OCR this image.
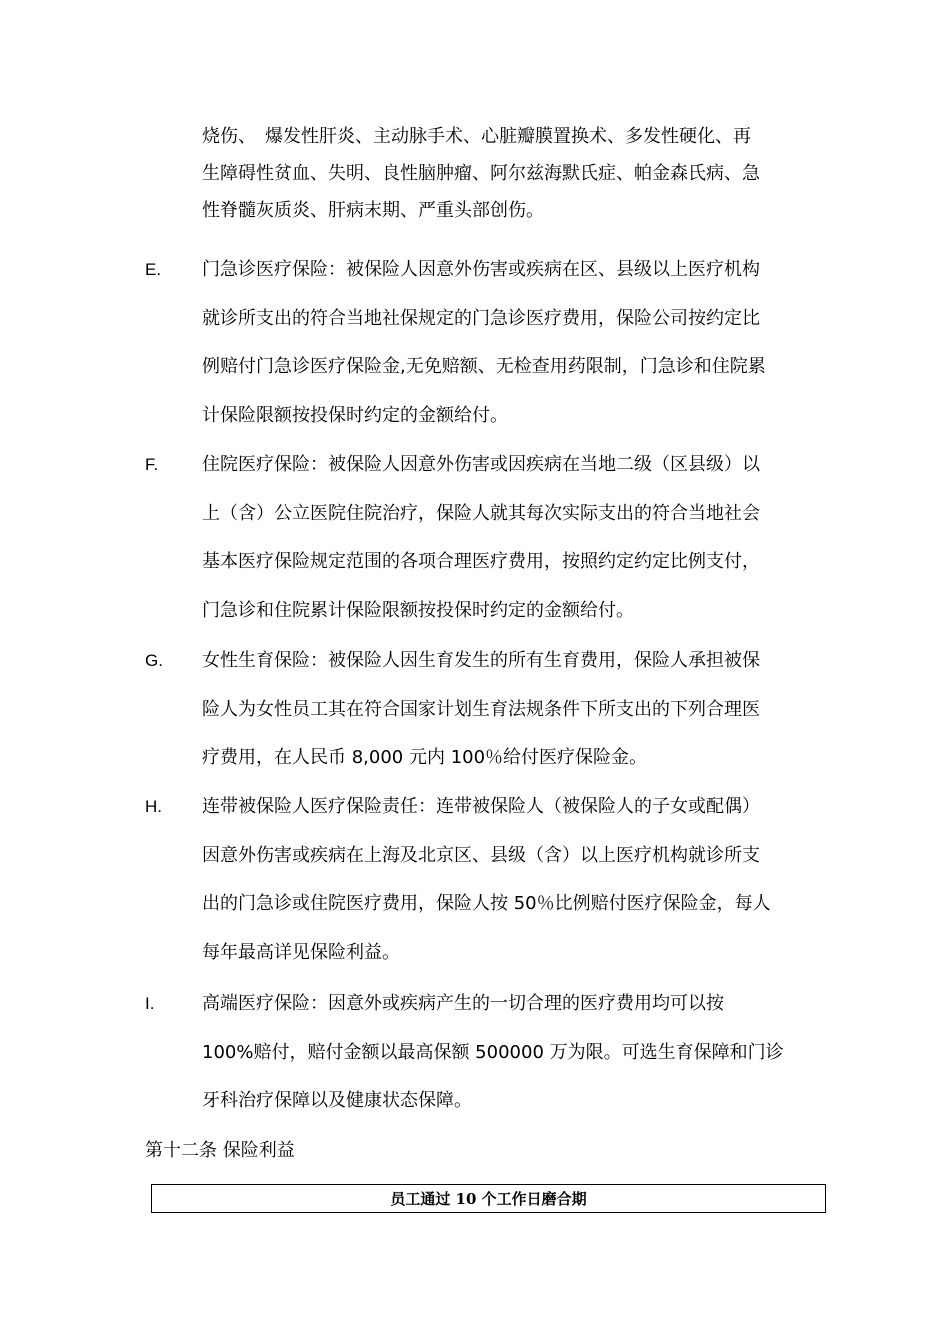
烧伤、　爆发性肝炎、主动脉手术、心脏瓣膜置换术、多发性硬化、再
生障碍性贫血、失明、良性脑肿瘤、阿尔兹海默氏症、帕金森氏病、急
性脊髓灰质炎、肝病末期、严重头部创伤。
E. 门急诊医疗保险：被保险人因意外伤害或疾病在区、县级以上医疗机构
就诊所支出的符合当地社保规定的门急诊医疗费用，保险公司按约定比
例赔付门急诊医疗保险金,无免赔额、无检查用药限制，门急诊和住院累
计保险限额按投保时约定的金额给付。
F. 住院医疗保险：被保险人因意外伤害或因疾病在当地二级（区县级）以
上（含）公立医院住院治疗，保险人就其每次实际支出的符合当地社会
基本医疗保险规定范围的各项合理医疗费用，按照约定约定比例支付，
门急诊和住院累计保险限额按投保时约定的金额给付。
G. 女性生育保险：被保险人因生育发生的所有生育费用，保险人承担被保
险人为女性员工其在符合国家计划生育法规条件下所支出的下列合理医
疗费用，在人民币 8,000 元内 100％给付医疗保险金。
H. 连带被保险人医疗保险责任：连带被保险人（被保险人的子女或配偶）
因意外伤害或疾病在上海及北京区、县级（含）以上医疗机构就诊所支
出的门急诊或住院医疗费用，保险人按 50％比例赔付医疗保险金，每人
每年最高详见保险利益。
I.	高端医疗保险：因意外或疾病产生的一切合理的医疗费用均可以按
100%赔付，赔付金额以最高保额 500000 万为限。可选生育保障和门诊
牙科治疗保障以及健康状态保障。
第十二条 保险利益
员工通过 10 个工作日磨合期
